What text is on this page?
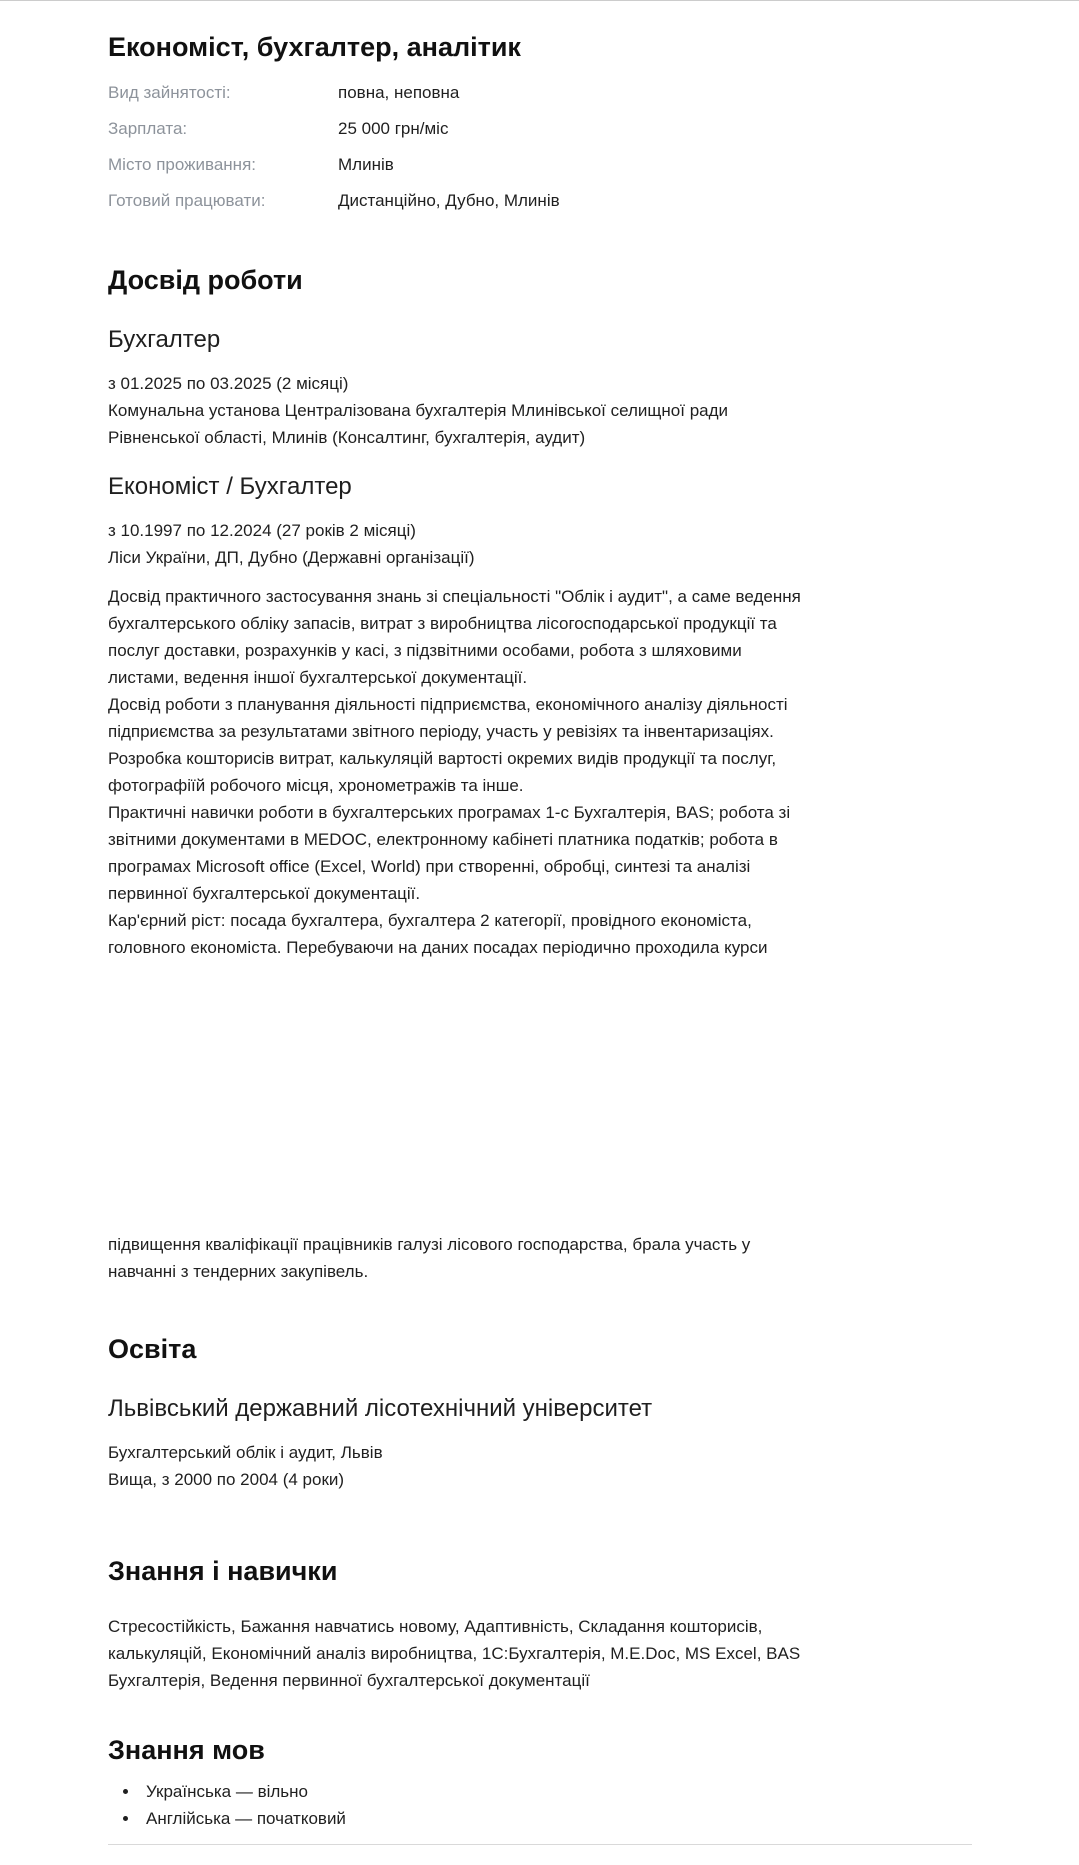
Економіст, бухгалтер, аналітик
Вид зайнятості:	повна, неповна
Зарплата:	25 000 грн/міс
Місто проживання:	Млинів
Готовий працювати:	Дистанційно, Дубно, Млинів
Досвід роботи
Бухгалтер
з 01.2025 по 03.2025 (2 місяці)
Комунальна установа Централізована бухгалтерія Млинівської селищної ради Рівненської області, Млинів (Консалтинг, бухгалтерія, аудит)
Економіст / Бухгалтер
з 10.1997 по 12.2024 (27 років 2 місяці)
Ліси України, ДП, Дубно (Державні організації)
Досвід практичного застосування знань зі спеціальності "Облік і аудит", а саме ведення бухгалтерського обліку запасів, витрат з виробництва лісогосподарської продукції та послуг доставки, розрахунків у касі, з підзвітними особами, робота з шляховими листами, ведення іншої бухгалтерської документації.
Досвід роботи з планування діяльності підприємства, економічного аналізу діяльності підприємства за результатами звітного періоду, участь у ревізіях та інвентаризаціях.
Розробка кошторисів витрат, калькуляцій вартості окремих видів продукції та послуг, фотографіїй робочого місця, хронометражів та інше.
Практичні навички роботи в бухгалтерських програмах 1-с Бухгалтерія, BAS; робота зі звітними документами в MEDOC, електронному кабінеті платника податків; робота в програмах Microsoft office (Excel, World) при створенні, обробці, синтезі та аналізі первинної бухгалтерської документації.
Кар'єрний ріст: посада бухгалтера, бухгалтера 2 категорії, провідного економіста, головного економіста. Перебуваючи на даних посадах періодично проходила курси
підвищення кваліфікації працівників галузі лісового господарства, брала участь у навчанні з тендерних закупівель.
Освіта
Львівський державний лісотехнічний університет
Бухгалтерський облік і аудит, Львів
Вища, з 2000 по 2004 (4 роки)
Знання і навички
Стресостійкість, Бажання навчатись новому, Адаптивність, Складання кошторисів, калькуляцій, Економічний аналіз виробництва, 1С:Бухгалтерія, M.E.Doc, MS Excel, BAS Бухгалтерія, Ведення первинної бухгалтерської документації
Знання мов
• Українська — вільно
• Англійська — початковий
